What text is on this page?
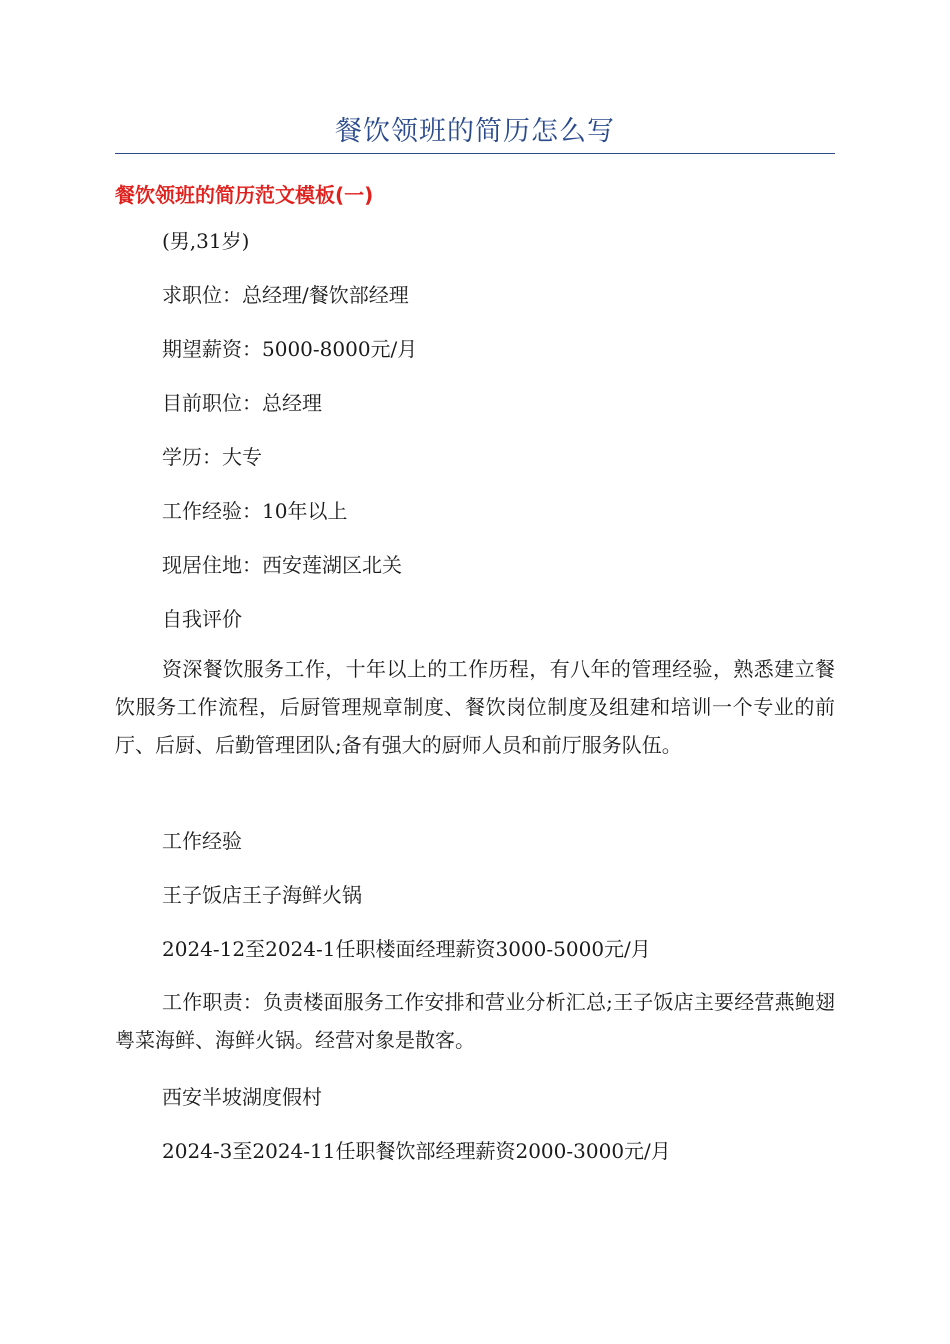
餐饮领班的简历怎么写
餐饮领班的简历范文模板(一)
(男,31岁)
求职位：总经理/餐饮部经理
期望薪资：5000-8000元/月
目前职位：总经理
学历：大专
工作经验：10年以上
现居住地：西安莲湖区北关
自我评价
资深餐饮服务工作，十年以上的工作历程，有八年的管理经验，熟悉建立餐饮服务工作流程，后厨管理规章制度、餐饮岗位制度及组建和培训一个专业的前厅、后厨、后勤管理团队;备有强大的厨师人员和前厅服务队伍。
工作经验
王子饭店王子海鲜火锅
2024-12至2024-1任职楼面经理薪资3000-5000元/月
工作职责：负责楼面服务工作安排和营业分析汇总;王子饭店主要经营燕鲍翅粤菜海鲜、海鲜火锅。经营对象是散客。
西安半坡湖度假村
2024-3至2024-11任职餐饮部经理薪资2000-3000元/月
